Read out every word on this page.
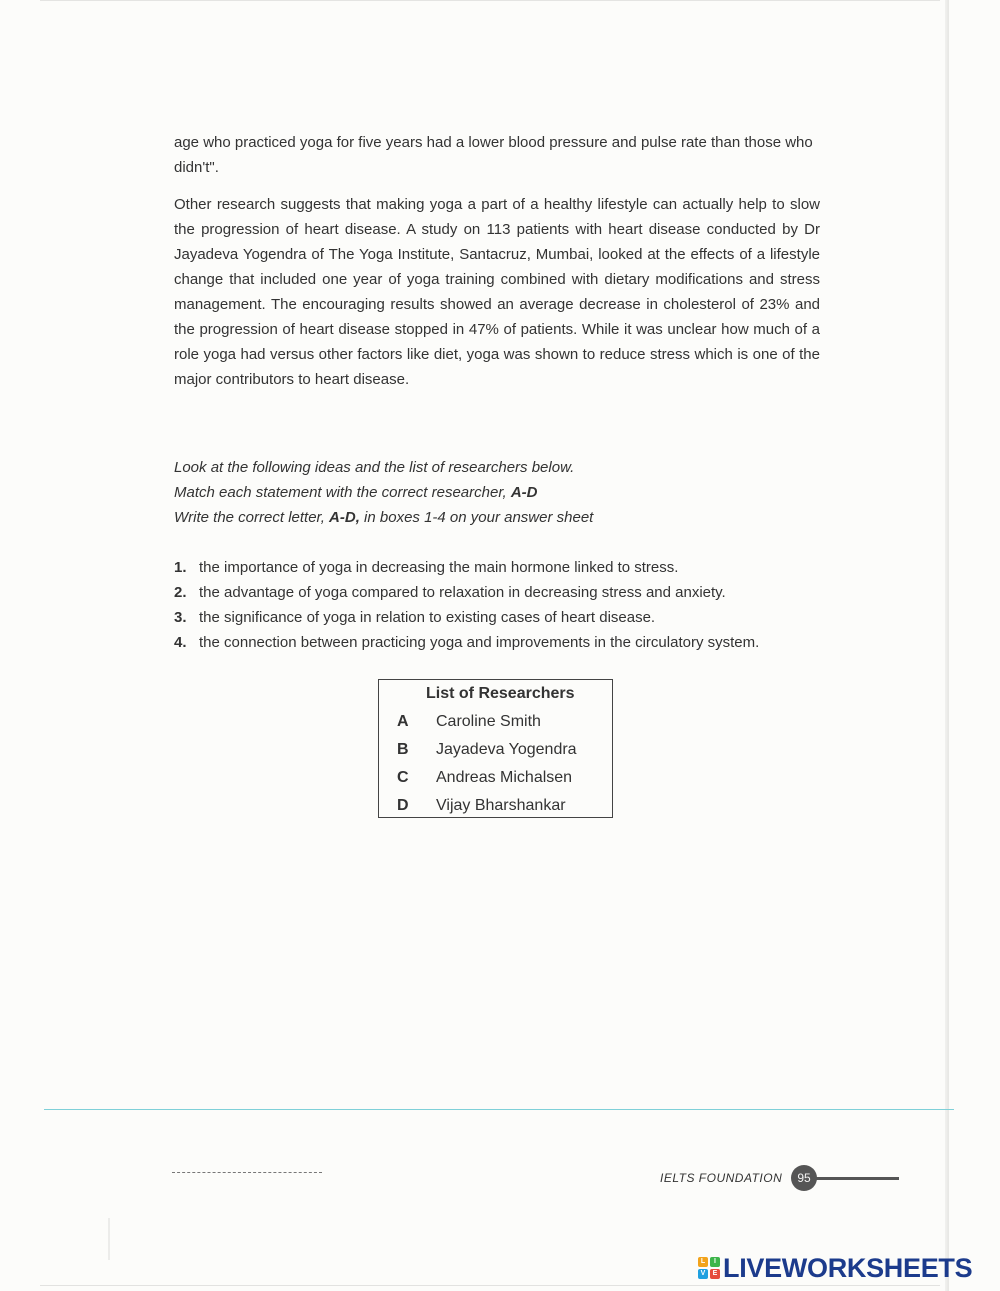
age who practiced yoga for five years had a lower blood pressure and pulse rate than those who didn't".

Other research suggests that making yoga a part of a healthy lifestyle can actually help to slow the progression of heart disease. A study on 113 patients with heart disease conducted by Dr Jayadeva Yogendra of The Yoga Institute, Santacruz, Mumbai, looked at the effects of a lifestyle change that included one year of yoga training combined with dietary modifications and stress management. The encouraging results showed an average decrease in cholesterol of 23% and the progression of heart disease stopped in 47% of patients. While it was unclear how much of a role yoga had versus other factors like diet, yoga was shown to reduce stress which is one of the major contributors to heart disease.

Look at the following ideas and the list of researchers below.
Match each statement with the correct researcher, A-D
Write the correct letter, A-D, in boxes 1-4 on your answer sheet
1. the importance of yoga in decreasing the main hormone linked to stress.
2. the advantage of yoga compared to relaxation in decreasing stress and anxiety.
3. the significance of yoga in relation to existing cases of heart disease.
4. the connection between practicing yoga and improvements in the circulatory system.
List of Researchers
A Caroline Smith
B Jayadeva Yogendra
C Andreas Michalsen
D Vijay Bharshankar
IELTS FOUNDATION	95
L	I
V	E LIVEWORKSHEETS
